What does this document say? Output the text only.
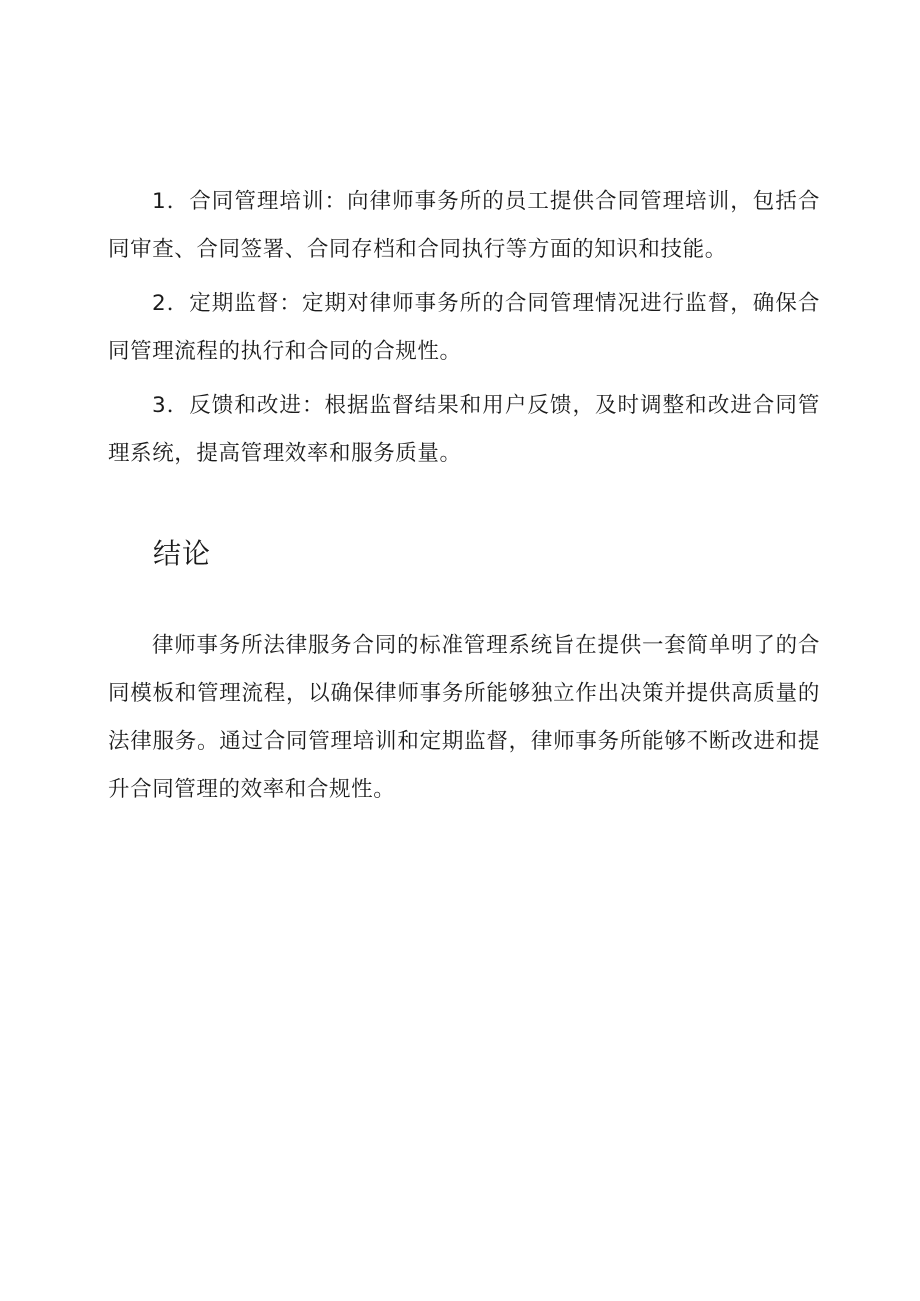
1．合同管理培训：向律师事务所的员工提供合同管理培训，包括合同审查、合同签署、合同存档和合同执行等方面的知识和技能。

2．定期监督：定期对律师事务所的合同管理情况进行监督，确保合同管理流程的执行和合同的合规性。

3．反馈和改进：根据监督结果和用户反馈，及时调整和改进合同管理系统，提高管理效率和服务质量。

结论

律师事务所法律服务合同的标准管理系统旨在提供一套简单明了的合同模板和管理流程，以确保律师事务所能够独立作出决策并提供高质量的法律服务。通过合同管理培训和定期监督，律师事务所能够不断改进和提升合同管理的效率和合规性。
